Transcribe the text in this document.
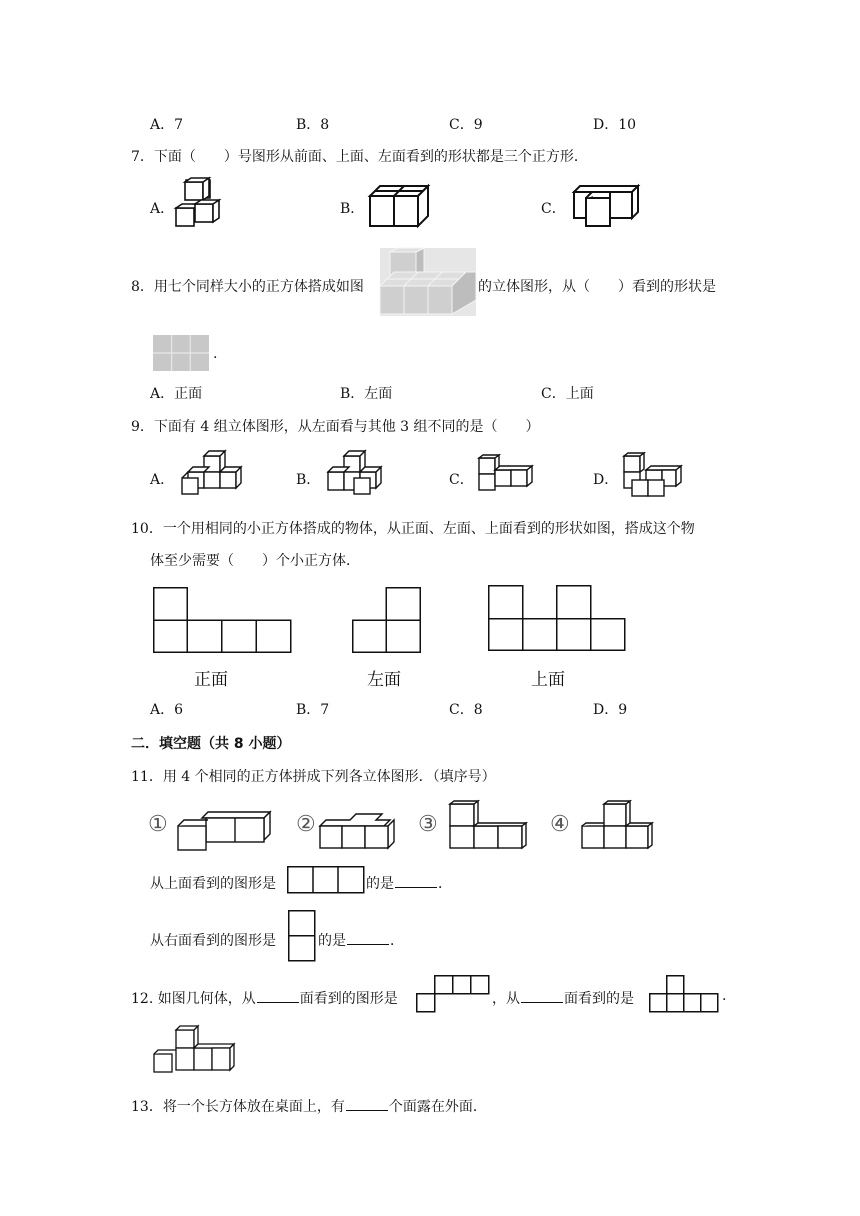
A．7	B．8	C．9	D．10
7．下面（　　）号图形从前面、上面、左面看到的形状都是三个正方形．
A．	B．	C．
8．用七个同样大小的正方体搭成如图	的立体图形，从（　　）看到的形状是
.
A．正面	B．左面	C．上面
9．下面有 4 组立体图形，从左面看与其他 3 组不同的是（　　）
A．	B．	C．	D．
10．一个用相同的小正方体搭成的物体，从正面、左面、上面看到的形状如图，搭成这个物
体至少需要（　　）个小正方体．
正面	左面	上面
A．6	B．7	C．8	D．9
二．填空题（共 8 小题）
11．用 4 个相同的正方体拼成下列各立体图形．（填序号）
①	②	③	④
从上面看到的图形是	的是	．
从右面看到的图形是	的是	．
12. 如图几何体，从	面看到的图形是	，从	面看到的是	.
13．将一个长方体放在桌面上，有	个面露在外面．
